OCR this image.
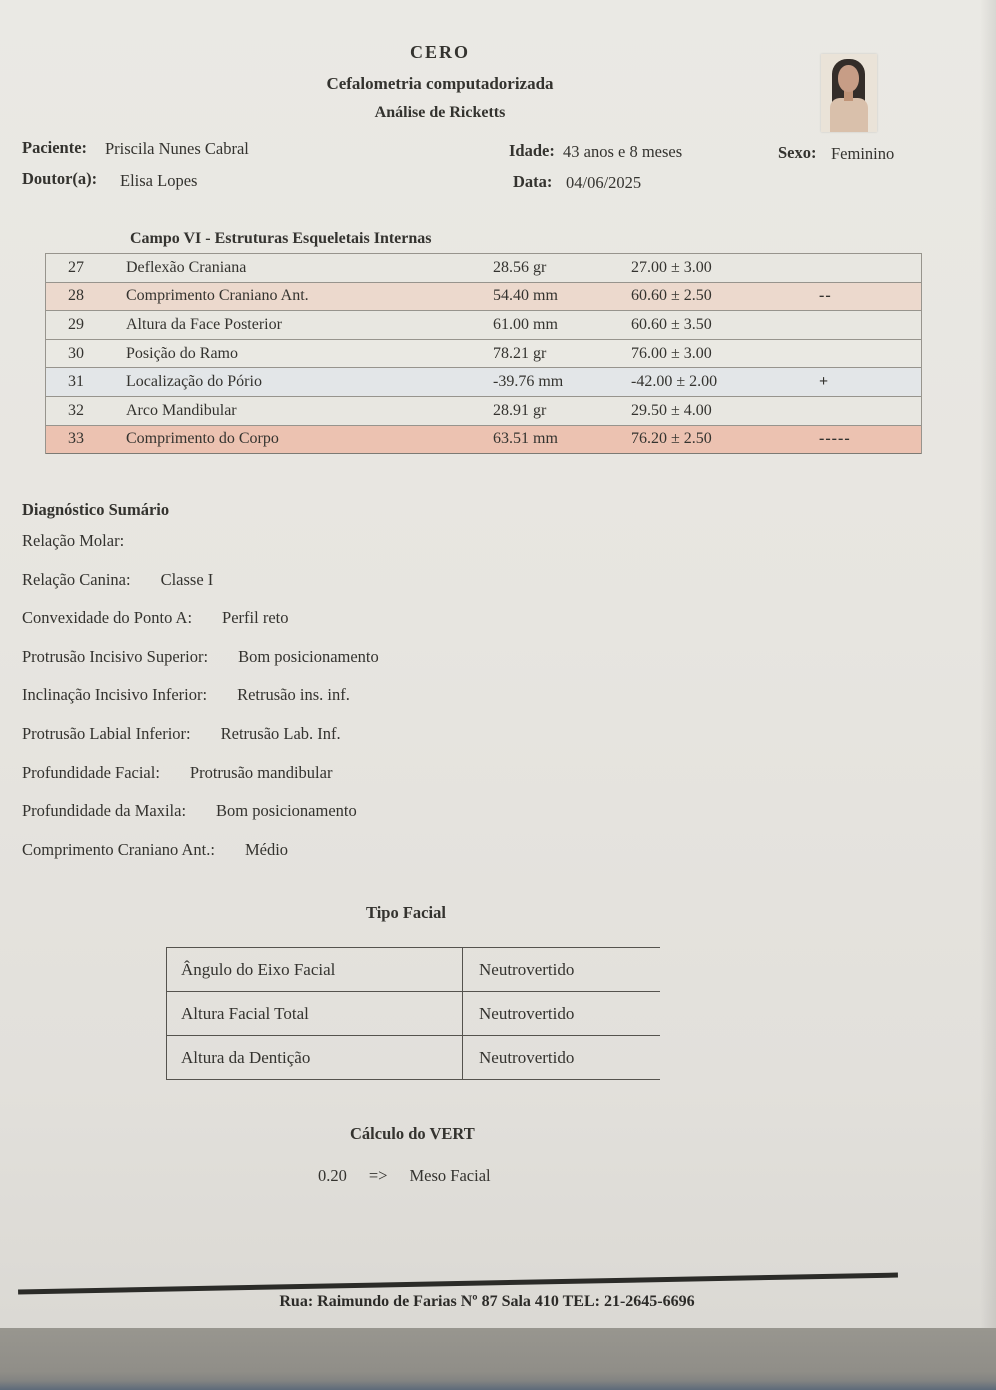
CERO
Cefalometria computadorizada
Análise de Ricketts
Paciente: Priscila Nunes Cabral
Doutor(a): Elisa Lopes
Idade: 43 anos e 8 meses
Data: 04/06/2025
Sexo: Feminino
Campo VI - Estruturas Esqueletais Internas
27	Deflexão Craniana	28.56 gr	27.00 ± 3.00
28	Comprimento Craniano Ant.	54.40 mm	60.60 ± 2.50	--
29	Altura da Face Posterior	61.00 mm	60.60 ± 3.50
30	Posição do Ramo	78.21 gr	76.00 ± 3.00
31	Localização do Pório	-39.76 mm	-42.00 ± 2.00	+
32	Arco Mandibular	28.91 gr	29.50 ± 4.00
33	Comprimento do Corpo	63.51 mm	76.20 ± 2.50	-----
Diagnóstico Sumário
Relação Molar:
Relação Canina: Classe I
Convexidade do Ponto A: Perfil reto
Protrusão Incisivo Superior: Bom posicionamento
Inclinação Incisivo Inferior: Retrusão ins. inf.
Protrusão Labial Inferior: Retrusão Lab. Inf.
Profundidade Facial: Protrusão mandibular
Profundidade da Maxila: Bom posicionamento
Comprimento Craniano Ant.: Médio
Tipo Facial
Ângulo do Eixo Facial	Neutrovertido
Altura Facial Total	Neutrovertido
Altura da Dentição	Neutrovertido
Cálculo do VERT
0.20 => Meso Facial
Rua: Raimundo de Farias Nº 87 Sala 410 TEL: 21-2645-6696
